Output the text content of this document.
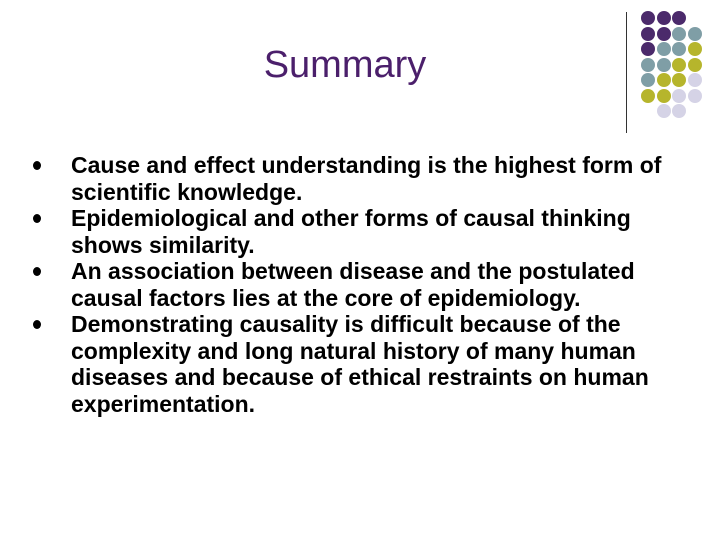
Summary
Cause and effect understanding is the highest form of scientific knowledge.
Epidemiological and other forms of causal thinking shows similarity.
An association between disease and the postulated causal factors lies at the core of epidemiology.
Demonstrating causality is difficult because of the complexity and long natural history of many human diseases and because of ethical restraints on human experimentation.
